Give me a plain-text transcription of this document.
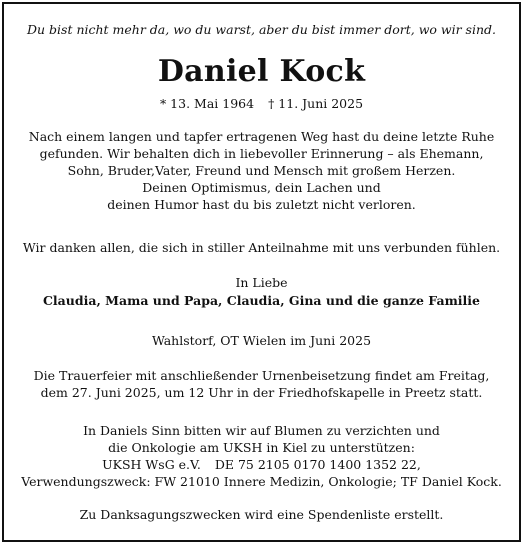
Du bist nicht mehr da, wo du warst, aber du bist immer dort, wo wir sind.
Daniel Kock
* 13. Mai 1964 † 11. Juni 2025
Nach einem langen und tapfer ertragenen Weg hast du deine letzte Ruhe
gefunden. Wir behalten dich in liebevoller Erinnerung – als Ehemann,
Sohn, Bruder,Vater, Freund und Mensch mit großem Herzen.
Deinen Optimismus, dein Lachen und
deinen Humor hast du bis zuletzt nicht verloren.
Wir danken allen, die sich in stiller Anteilnahme mit uns verbunden fühlen.
In Liebe
Claudia, Mama und Papa, Claudia, Gina und die ganze Familie
Wahlstorf, OT Wielen im Juni 2025
Die Trauerfeier mit anschließender Urnenbeisetzung findet am Freitag,
dem 27. Juni 2025, um 12 Uhr in der Friedhofskapelle in Preetz statt.
In Daniels Sinn bitten wir auf Blumen zu verzichten und
die Onkologie am UKSH in Kiel zu unterstützen:
UKSH WsG e.V. DE 75 2105 0170 1400 1352 22,
Verwendungszweck: FW 21010 Innere Medizin, Onkologie; TF Daniel Kock.
Zu Danksagungszwecken wird eine Spendenliste erstellt.
